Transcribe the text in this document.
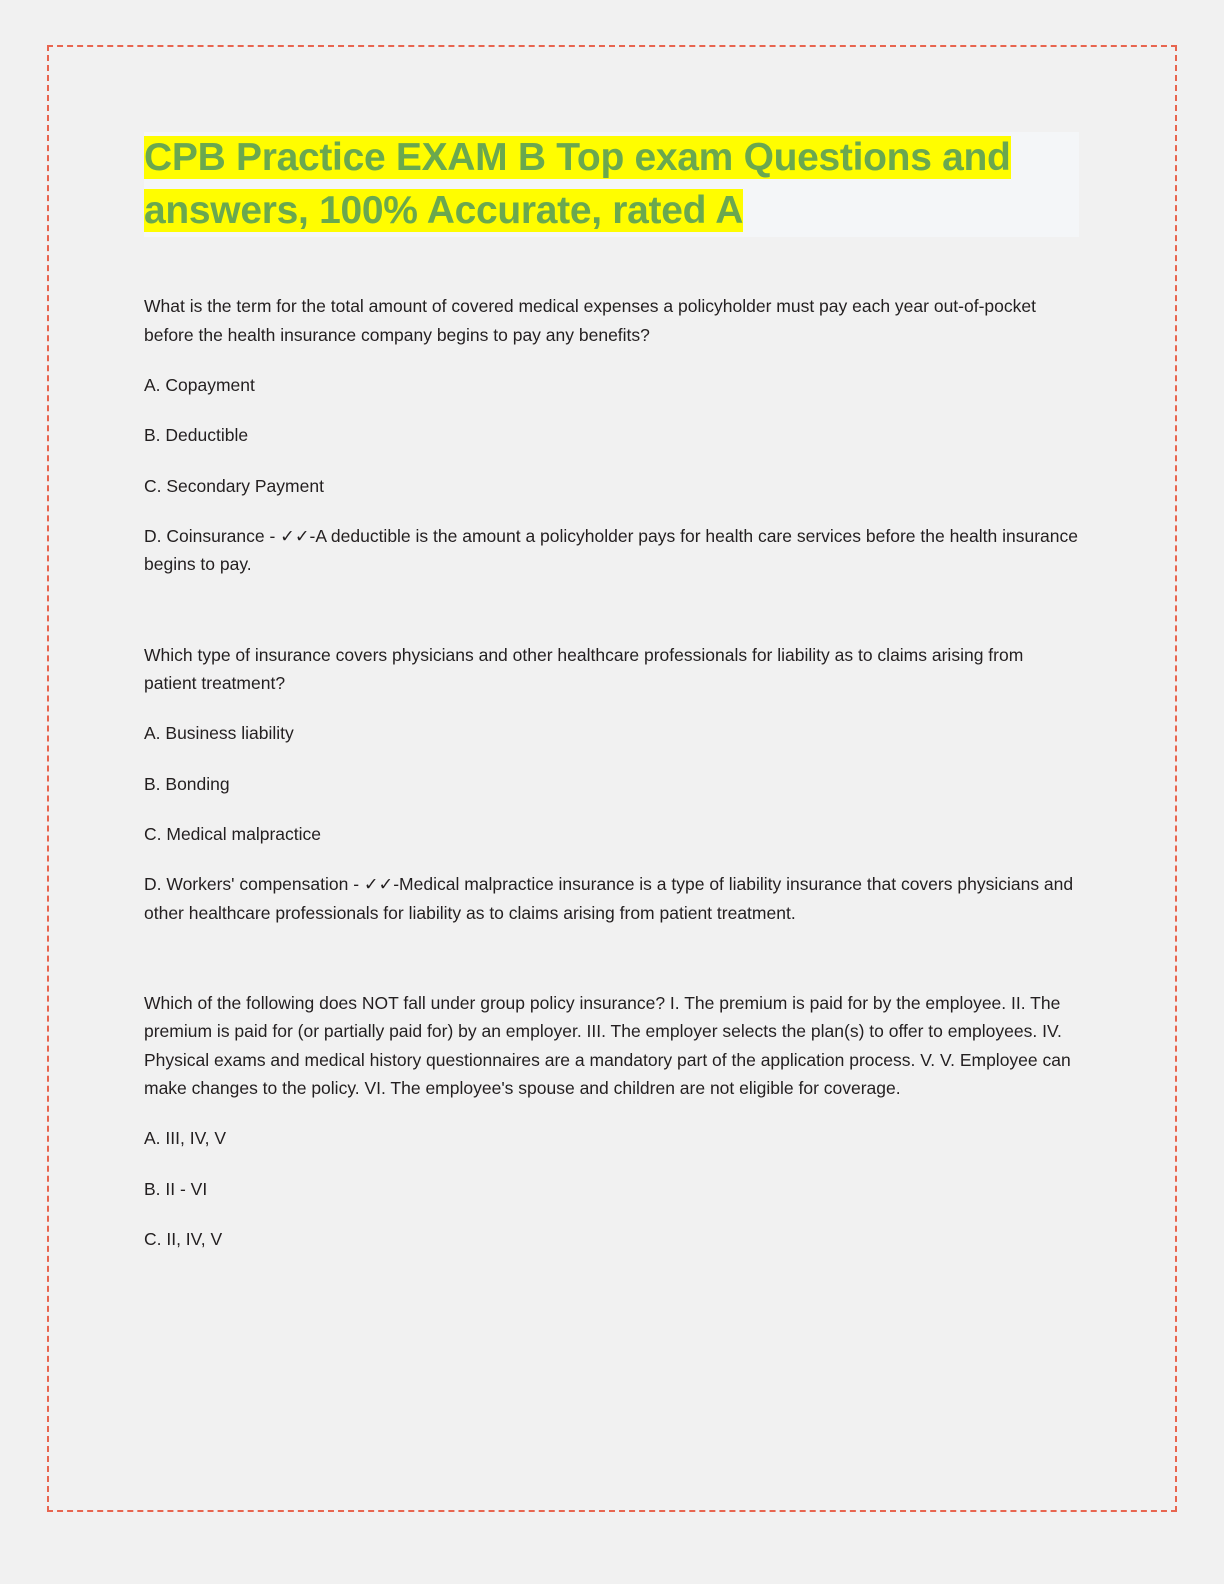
CPB Practice EXAM B Top exam Questions and answers, 100% Accurate, rated A

What is the term for the total amount of covered medical expenses a policyholder must pay each year out-of-pocket before the health insurance company begins to pay any benefits?

A. Copayment

B. Deductible

C. Secondary Payment

D. Coinsurance - ✓✓-A deductible is the amount a policyholder pays for health care services before the health insurance begins to pay.

Which type of insurance covers physicians and other healthcare professionals for liability as to claims arising from patient treatment?

A. Business liability

B. Bonding

C. Medical malpractice

D. Workers' compensation - ✓✓-Medical malpractice insurance is a type of liability insurance that covers physicians and other healthcare professionals for liability as to claims arising from patient treatment.

Which of the following does NOT fall under group policy insurance? I. The premium is paid for by the employee. II. The premium is paid for (or partially paid for) by an employer. III. The employer selects the plan(s) to offer to employees. IV. Physical exams and medical history questionnaires are a mandatory part of the application process. V. V. Employee can make changes to the policy. VI. The employee's spouse and children are not eligible for coverage.

A. III, IV, V

B. II - VI

C. II, IV, V
